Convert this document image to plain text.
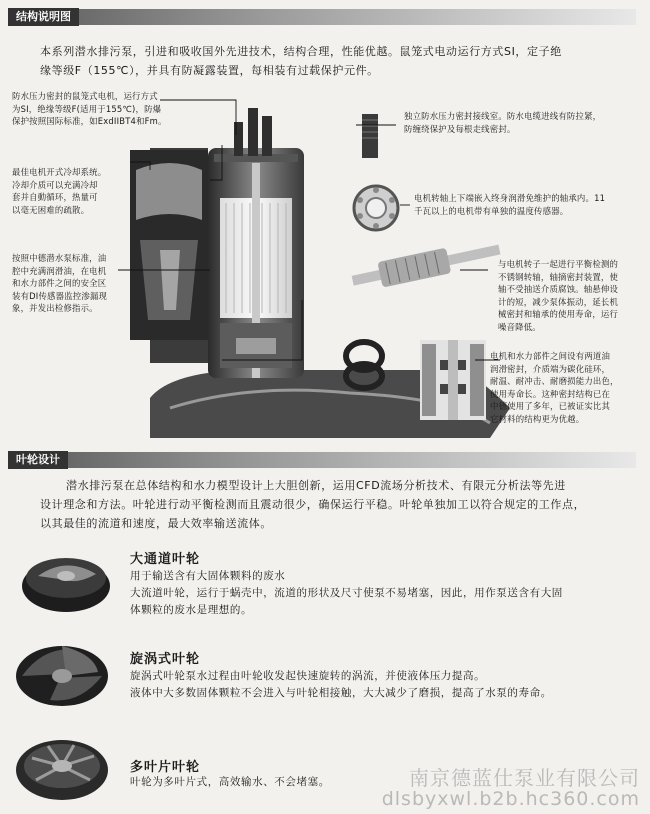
结构说明图
本系列潜水排污泵，引进和吸收国外先进技术，结构合理，性能优越。鼠笼式电动运行方式SI，定子绝
缘等级F（155℃），并具有防凝露装置，每相装有过载保护元件。
防水压力密封的鼠笼式电机，运行方式
为SI，绝缘等级F(适用于155℃)，防爆
保护按照国际标准，如ExdIIBT4和Fm。	独立防水压力密封接线室。防水电缆进线有防拉紧，
防缠绕保护及每根走线密封。
最佳电机开式冷却系统。
冷却介质可以充满冷却
套并自動循环，热量可
以毫无困难的疏散。
电机转轴上下端嵌入终身润滑免维护的轴承内。11
千瓦以上的电机带有单独的温度传感器。
按照中德潜水泵标准，油
腔中充满润滑油，在电机
和水力部件之间的安全区
装有DI传感器监控渗漏现
象，并发出检修指示。
与电机转子一起进行平衡检测的
不锈钢转轴，轴摘密封装置，使
轴不受抽送介质腐蚀。轴悬伸设
计的短，减少泵体振动，延长机
械密封和轴承的使用寿命，运行
噪音降低。
电机和水力部件之间设有两道油
润滑密封，介质端为碳化硅环，
耐温、耐冲击、耐磨损能力出色，
使用寿命长。这种密封结构已在
中德使用了多年，已被证实比其
它材料的结构更为优越。
叶轮设计
潜水排污泵在总体结构和水力模型设计上大胆创新，运用CFD流场分析技术、有限元分析法等先进
设计理念和方法。叶轮进行动平衡检测而且震动很少，确保运行平稳。叶轮单独加工以符合规定的工作点，
以其最佳的流道和速度，最大效率输送流体。
大通道叶轮
用于输送含有大固体颗料的废水
大流道叶轮，运行于蜗壳中，流道的形状及尺寸使泵不易堵塞，因此，用作泵送含有大固
体颗粒的废水是理想的。
旋涡式叶轮
旋涡式叶轮泵水过程由叶轮收发起快速旋转的涡流，并使液体压力提高。
液体中大多数固体颗粒不会进入与叶轮相接触，大大减少了磨损，提高了水泵的寿命。
多叶片叶轮
叶轮为多叶片式，高效输水、不会堵塞。	南京德蓝仕泵业有限公司
dlsbyxwl.b2b.hc360.com
